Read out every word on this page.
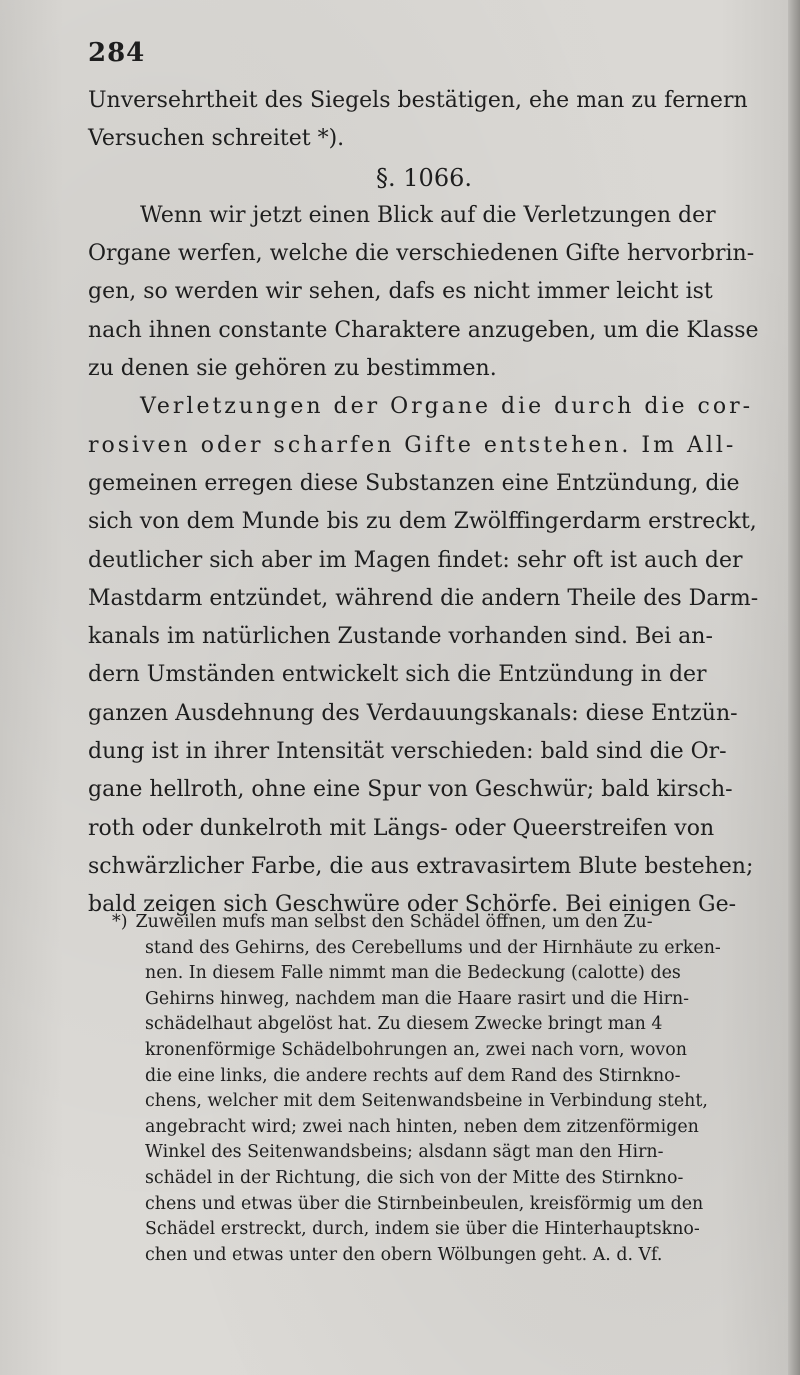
284
Unversehrtheit des Siegels bestätigen, ehe man zu fernern
Versuchen schreitet *).
§. 1066.
Wenn wir jetzt einen Blick auf die Verletzungen der
Organe werfen, welche die verschiedenen Gifte hervorbrin-
gen, so werden wir sehen, dafs es nicht immer leicht ist
nach ihnen constante Charaktere anzugeben, um die Klasse
zu denen sie gehören zu bestimmen.
Verletzungen der Organe die durch die cor-
rosiven oder scharfen Gifte entstehen. Im All-
gemeinen erregen diese Substanzen eine Entzündung, die
sich von dem Munde bis zu dem Zwölffingerdarm erstreckt,
deutlicher sich aber im Magen findet: sehr oft ist auch der
Mastdarm entzündet, während die andern Theile des Darm-
kanals im natürlichen Zustande vorhanden sind. Bei an-
dern Umständen entwickelt sich die Entzündung in der
ganzen Ausdehnung des Verdauungskanals: diese Entzün-
dung ist in ihrer Intensität verschieden: bald sind die Or-
gane hellroth, ohne eine Spur von Geschwür; bald kirsch-
roth oder dunkelroth mit Längs- oder Queerstreifen von
schwärzlicher Farbe, die aus extravasirtem Blute bestehen;
bald zeigen sich Geschwüre oder Schörfe. Bei einigen Ge-
*) Zuweilen mufs man selbst den Schädel öffnen, um den Zu-
stand des Gehirns, des Cerebellums und der Hirnhäute zu erken-
nen. In diesem Falle nimmt man die Bedeckung (calotte) des
Gehirns hinweg, nachdem man die Haare rasirt und die Hirn-
schädelhaut abgelöst hat. Zu diesem Zwecke bringt man 4
kronenförmige Schädelbohrungen an, zwei nach vorn, wovon
die eine links, die andere rechts auf dem Rand des Stirnkno-
chens, welcher mit dem Seitenwandsbeine in Verbindung steht,
angebracht wird; zwei nach hinten, neben dem zitzenförmigen
Winkel des Seitenwandsbeins; alsdann sägt man den Hirn-
schädel in der Richtung, die sich von der Mitte des Stirnkno-
chens und etwas über die Stirnbeinbeulen, kreisförmig um den
Schädel erstreckt, durch, indem sie über die Hinterhauptskno-
chen und etwas unter den obern Wölbungen geht. A. d. Vf.
